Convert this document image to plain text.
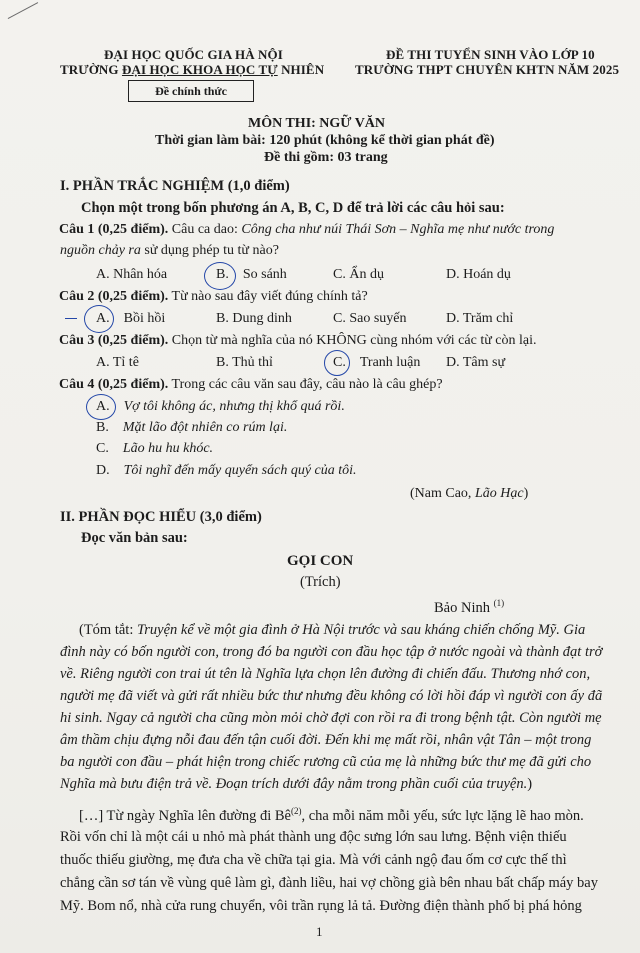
ĐẠI HỌC QUỐC GIA HÀ NỘI
TRƯỜNG ĐẠI HỌC KHOA HỌC TỰ NHIÊN
Đề chính thức
ĐỀ THI TUYỂN SINH VÀO LỚP 10
TRƯỜNG THPT CHUYÊN KHTN NĂM 2025
MÔN THI: NGỮ VĂN
Thời gian làm bài: 120 phút (không kể thời gian phát đề)
Đề thi gồm: 03 trang
I. PHẦN TRẮC NGHIỆM (1,0 điểm)
Chọn một trong bốn phương án A, B, C, D để trả lời các câu hỏi sau:
Câu 1 (0,25 điểm). Câu ca dao: Công cha như núi Thái Sơn – Nghĩa mẹ như nước trong
nguồn chảy ra sử dụng phép tu từ nào?
A. Nhân hóa	B. So sánh	C. Ẩn dụ	D. Hoán dụ
Câu 2 (0,25 điểm). Từ nào sau đây viết đúng chính tả?
A. Bồi hồi	B. Dung dinh	C. Sao suyến	D. Trăm chỉ
Câu 3 (0,25 điểm). Chọn từ mà nghĩa của nó KHÔNG cùng nhóm với các từ còn lại.
A. Tỉ tê	B. Thủ thỉ	C. Tranh luận D. Tâm sự
Câu 4 (0,25 điểm). Trong các câu văn sau đây, câu nào là câu ghép?
A. Vợ tôi không ác, nhưng thị khổ quá rồi.
B. Mặt lão đột nhiên co rúm lại.
C. Lão hu hu khóc.
D. Tôi nghĩ đến mấy quyển sách quý của tôi.
(Nam Cao, Lão Hạc)
II. PHẦN ĐỌC HIỂU (3,0 điểm)
Đọc văn bản sau:
GỌI CON
(Trích)
Bảo Ninh $^{(1)}$
(Tóm tắt: Truyện kể về một gia đình ở Hà Nội trước và sau kháng chiến chống Mỹ. Gia
đình này có bốn người con, trong đó ba người con đầu học tập ở nước ngoài và thành đạt trở
về. Riêng người con trai út tên là Nghĩa lựa chọn lên đường đi chiến đấu. Thương nhớ con,
người mẹ đã viết và gửi rất nhiều bức thư nhưng đều không có lời hồi đáp vì người con ấy đã
hi sinh. Ngay cả người cha cũng mòn mỏi chờ đợi con rồi ra đi trong bệnh tật. Còn người mẹ
âm thầm chịu đựng nỗi đau đến tận cuối đời. Đến khi mẹ mất rồi, nhân vật Tân – một trong
ba người con đầu – phát hiện trong chiếc rương cũ của mẹ là những bức thư mẹ đã gửi cho
Nghĩa mà bưu điện trả về. Đoạn trích dưới đây nằm trong phần cuối của truyện.)
[…] Từ ngày Nghĩa lên đường đi $Bê^{(2)}$, cha mỗi năm mỗi yếu, sức lực lặng lẽ hao mòn.
Rồi vốn chỉ là một cái u nhỏ mà phát thành ung độc sưng lớn sau lưng. Bệnh viện thiếu
thuốc thiếu giường, mẹ đưa cha về chữa tại gia. Mà với cảnh ngộ đau ốm cơ cực thế thì
chẳng cần sơ tán về vùng quê làm gì, đành liều, hai vợ chồng già bên nhau bất chấp máy bay
Mỹ. Bom nổ, nhà cửa rung chuyển, vôi trần rụng lả tả. Đường điện thành phố bị phá hỏng
1
